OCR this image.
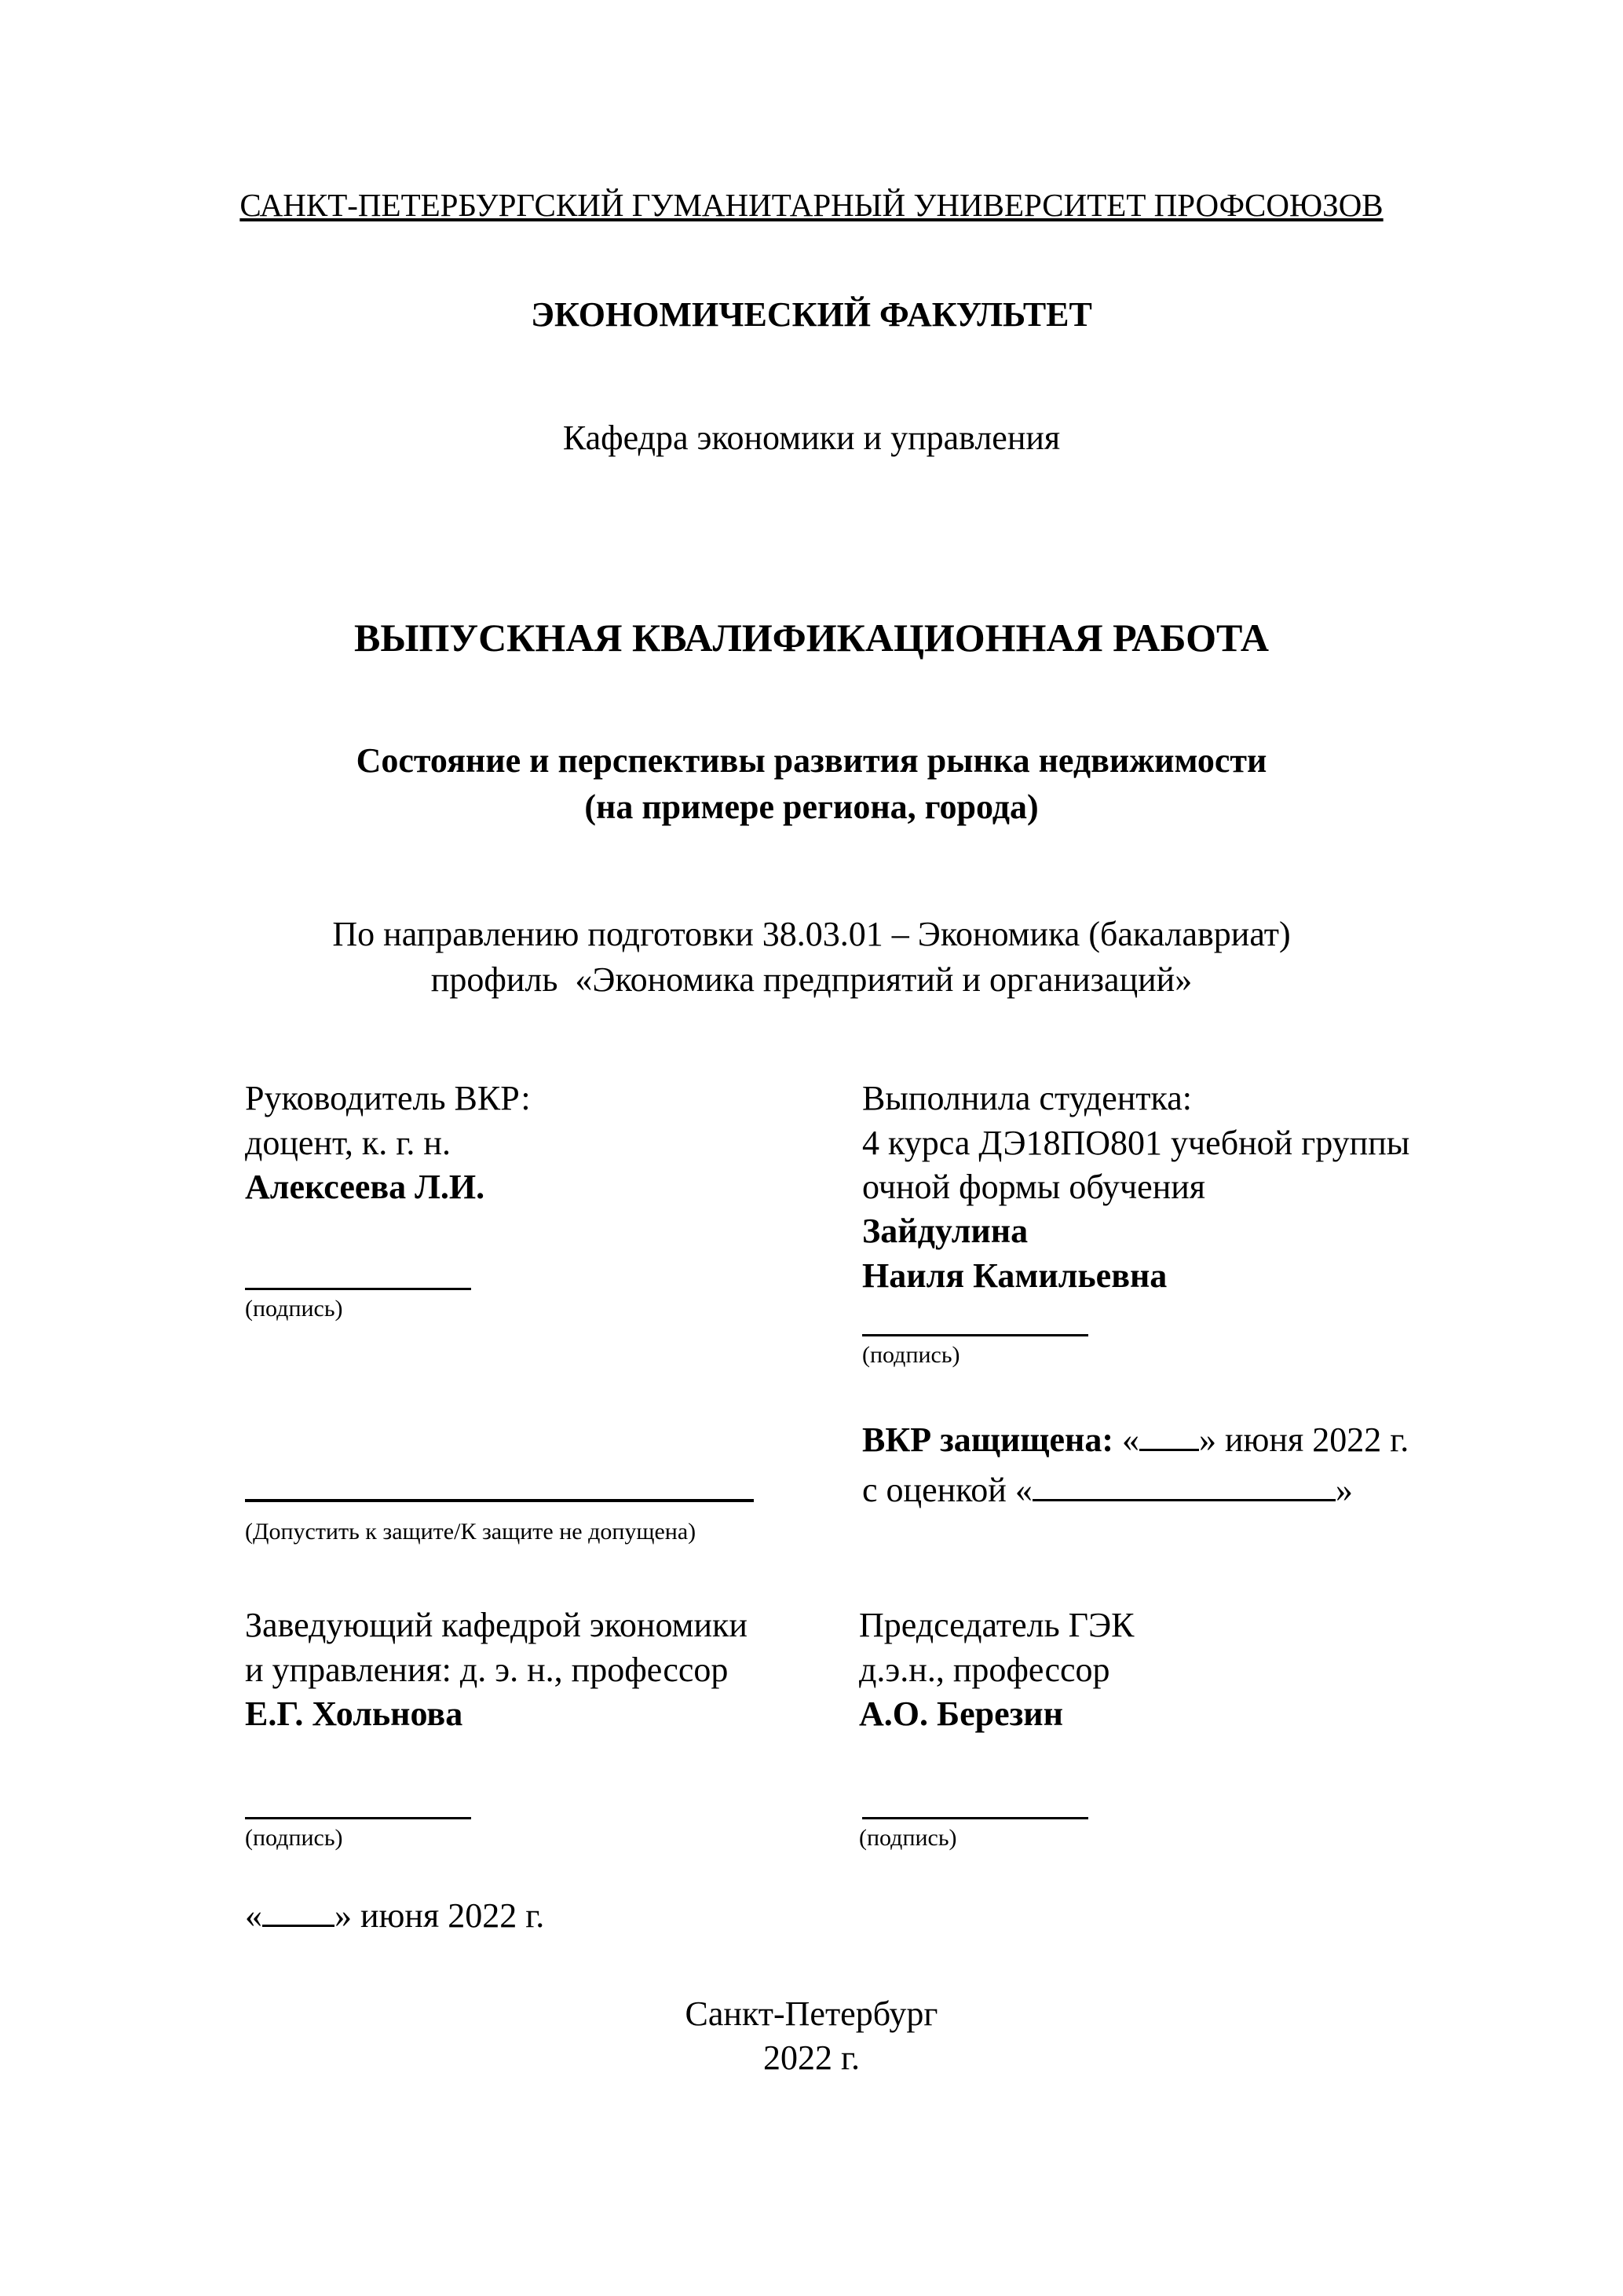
САНКТ-ПЕТЕРБУРГСКИЙ ГУМАНИТАРНЫЙ УНИВЕРСИТЕТ ПРОФСОЮЗОВ
ЭКОНОМИЧЕСКИЙ ФАКУЛЬТЕТ
Кафедра экономики и управления
ВЫПУСКНАЯ КВАЛИФИКАЦИОННАЯ РАБОТА
Состояние и перспективы развития рынка недвижимости
(на примере региона, города)
По направлению подготовки 38.03.01 – Экономика (бакалавриат)
профиль  «Экономика предприятий и организаций»
Руководитель ВКР:
доцент, к. г. н.
Алексеева Л.И.
(подпись)
Выполнила студентка:
4 курса ДЭ18ПО801 учебной группы
очной формы обучения
Зайдулина
Наиля Камильевна
(подпись)
ВКР защищена: « » июня 2022 г.
с оценкой «	»
(Допустить к защите/К защите не допущена)
Заведующий кафедрой экономики
и управления: д. э. н., профессор
Е.Г. Хольнова
(подпись)
Председатель ГЭК
д.э.н., профессор
А.О. Березин
(подпись)
« » июня 2022 г.
Санкт-Петербург
2022 г.
